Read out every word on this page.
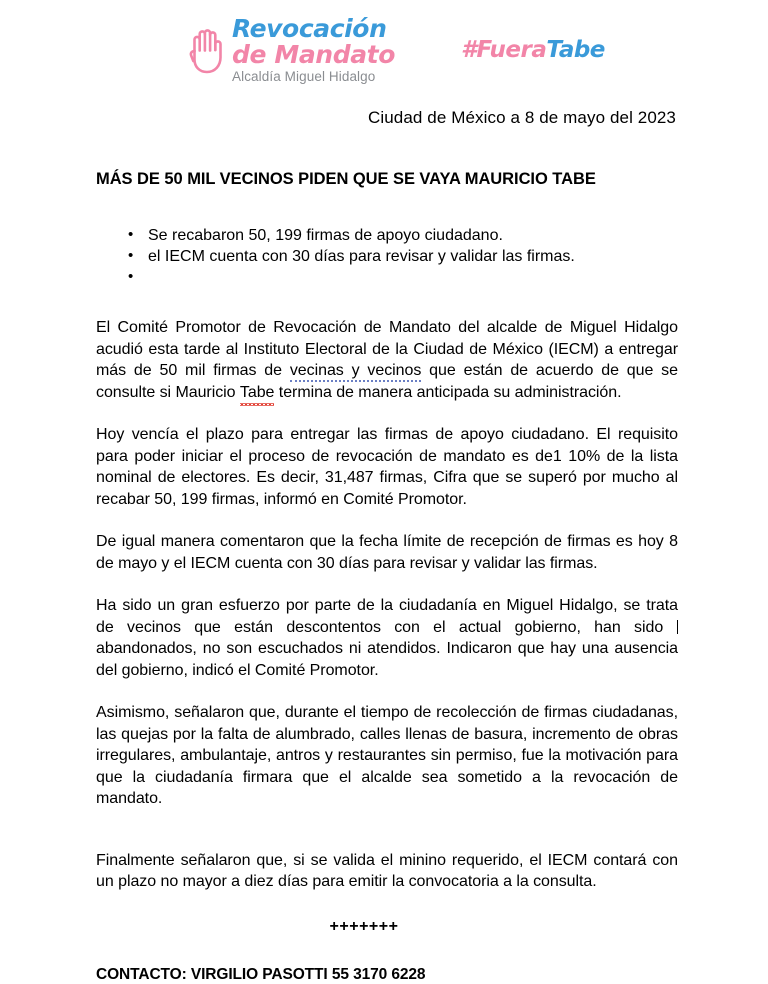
Revocación
de Mandato
Alcaldía Miguel Hidalgo
#FueraTabe
Ciudad de México a 8 de mayo del 2023
MÁS DE 50 MIL VECINOS PIDEN QUE SE VAYA MAURICIO TABE
• Se recabaron 50, 199 firmas de apoyo ciudadano.
• el IECM cuenta con 30 días para revisar y validar las firmas.
•

El Comité Promotor de Revocación de Mandato del alcalde de Miguel Hidalgo acudió esta tarde al Instituto Electoral de la Ciudad de México (IECM) a entregar más de 50 mil firmas de vecinas y vecinos que están de acuerdo de que se consulte si Mauricio Tabe termina de manera anticipada su administración.

Hoy vencía el plazo para entregar las firmas de apoyo ciudadano. El requisito para poder iniciar el proceso de revocación de mandato es de1 10% de la lista nominal de electores. Es decir, 31,487 firmas, Cifra que se superó por mucho al recabar 50, 199 firmas, informó en Comité Promotor.

De igual manera comentaron que la fecha límite de recepción de firmas es hoy 8 de mayo y el IECM cuenta con 30 días para revisar y validar las firmas.

Ha sido un gran esfuerzo por parte de la ciudadanía en Miguel Hidalgo, se trata de vecinos que están descontentos con el actual gobierno, han sido abandonados, no son escuchados ni atendidos. Indicaron que hay una ausencia del gobierno, indicó el Comité Promotor.

Asimismo, señalaron que, durante el tiempo de recolección de firmas ciudadanas, las quejas por la falta de alumbrado, calles llenas de basura, incremento de obras irregulares, ambulantaje, antros y restaurantes sin permiso, fue la motivación para que la ciudadanía firmara que el alcalde sea sometido a la revocación de mandato.

Finalmente señalaron que, si se valida el minino requerido, el IECM contará con un plazo no mayor a diez días para emitir la convocatoria a la consulta.

+++++++
CONTACTO: VIRGILIO PASOTTI 55 3170 6228
